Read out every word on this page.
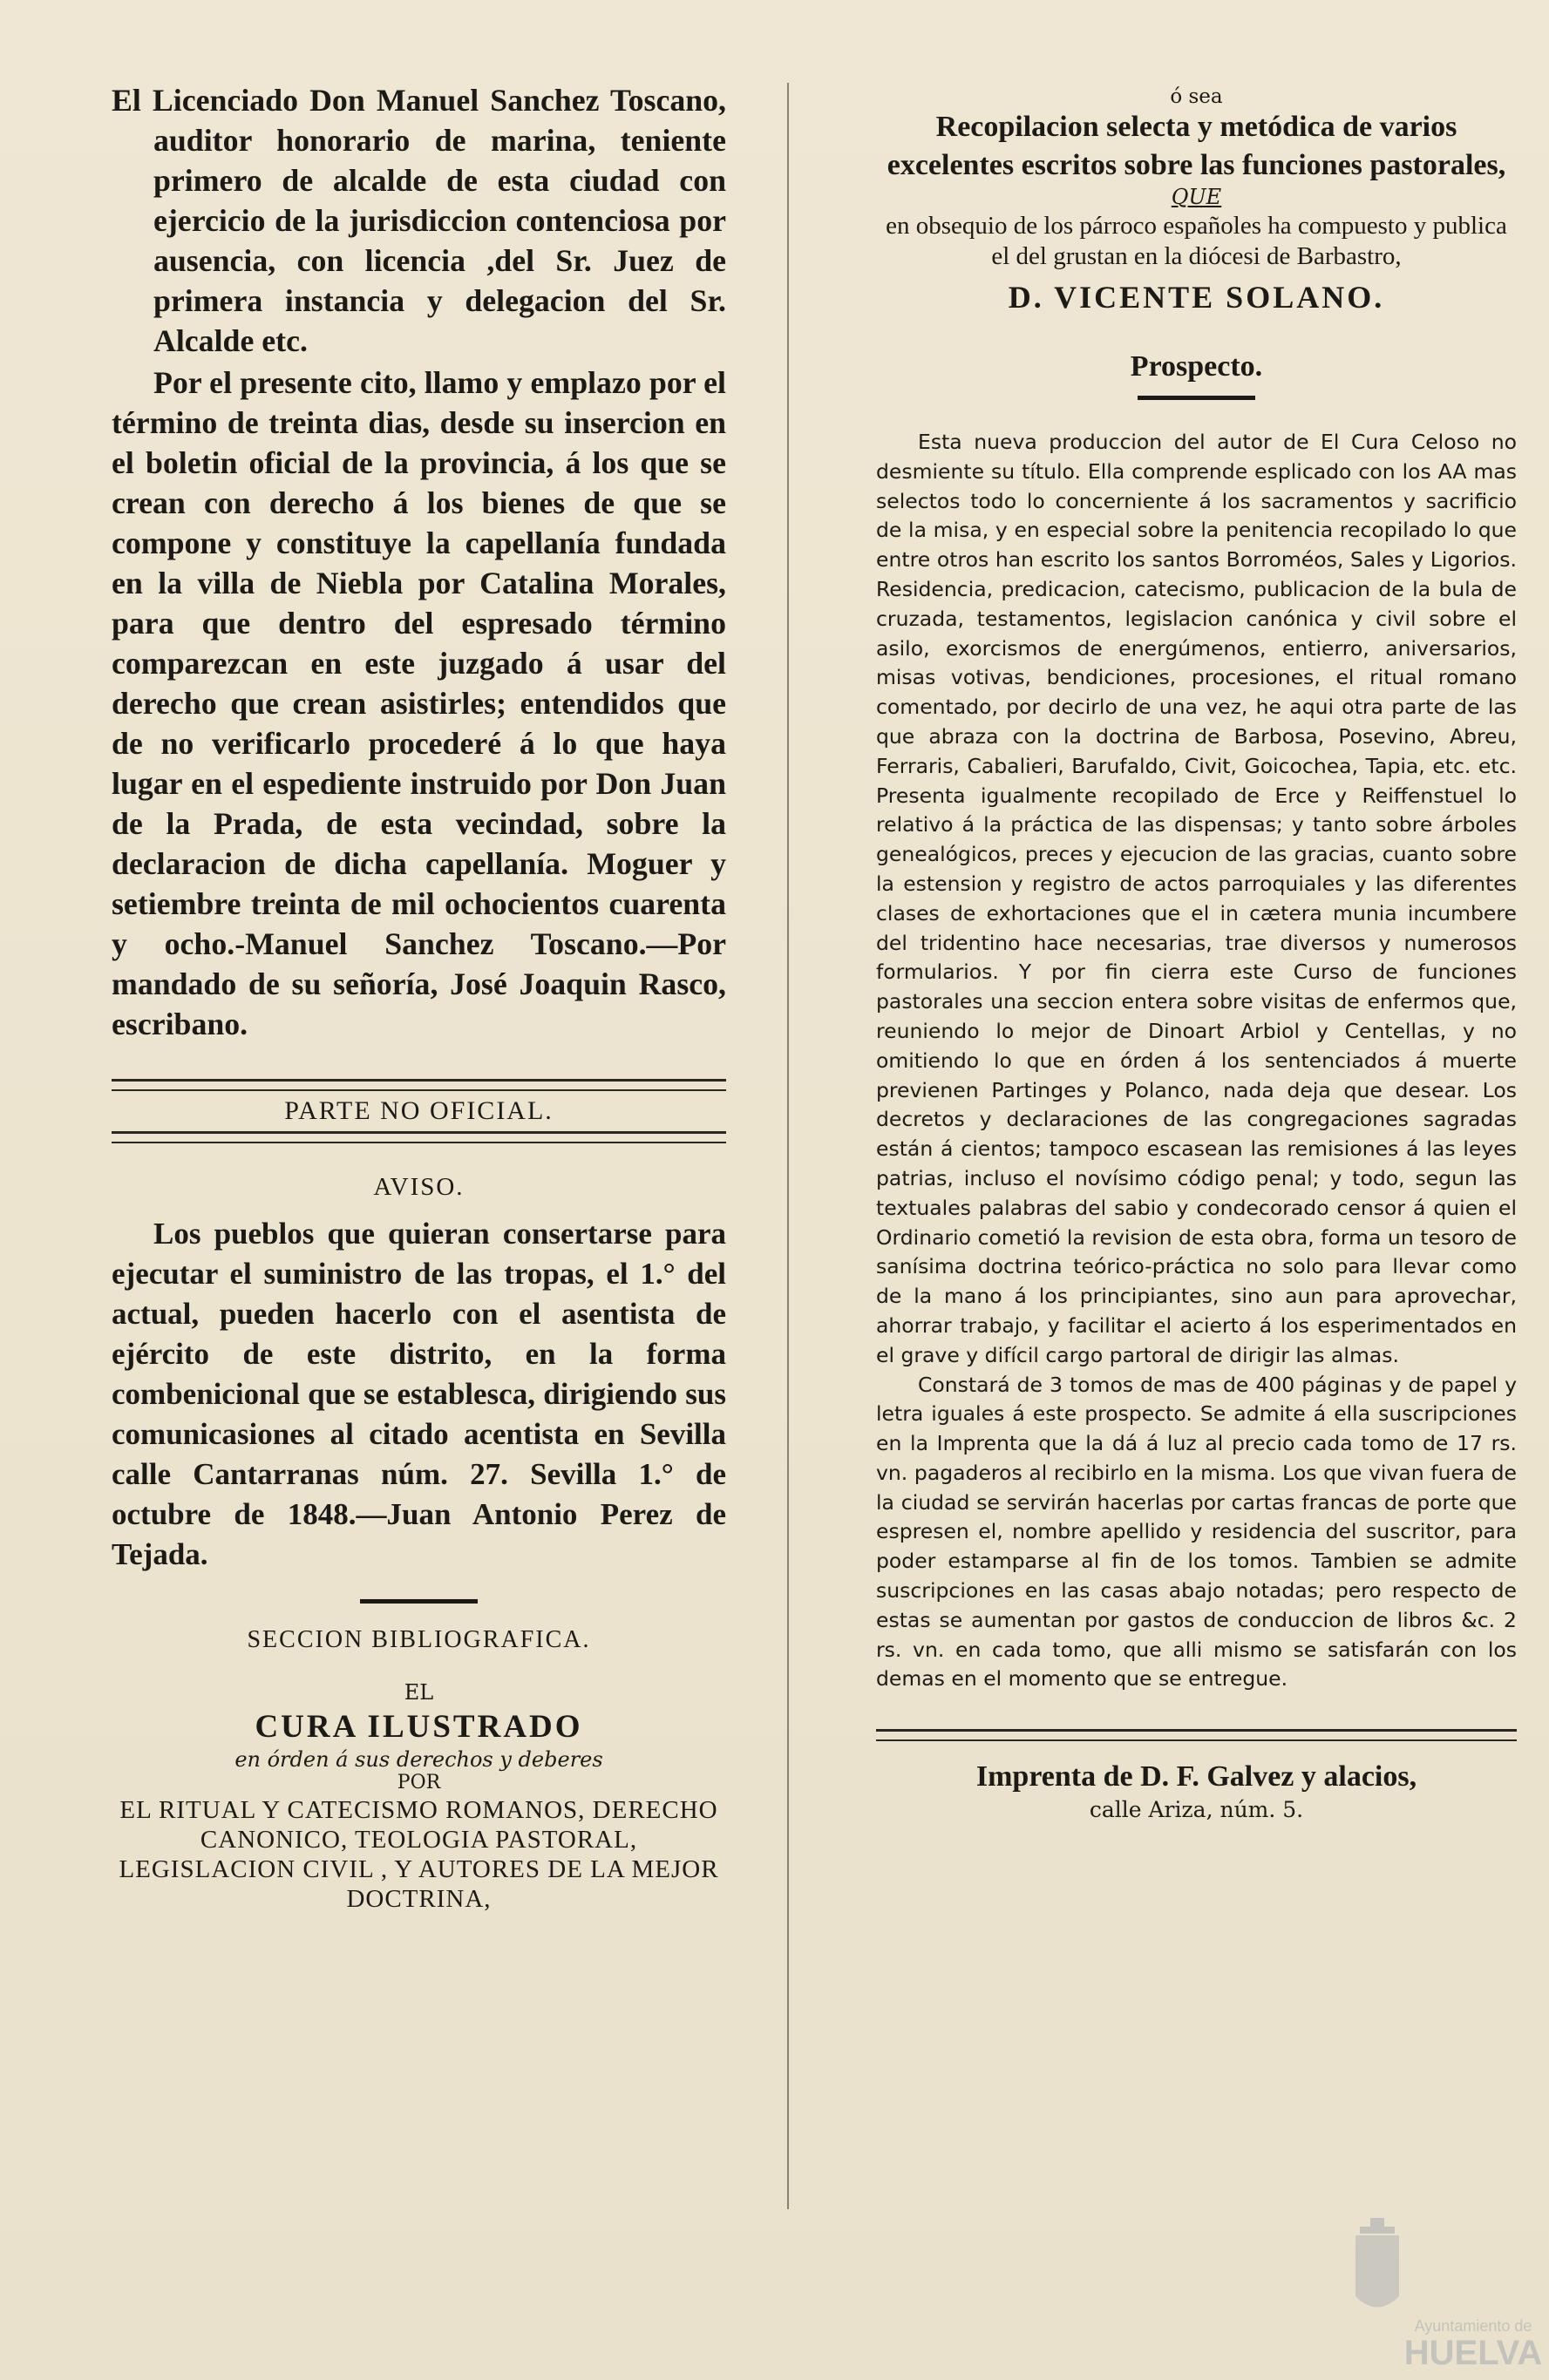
El Licenciado Don Manuel Sanchez Toscano, auditor honorario de marina, teniente primero de alcalde de esta ciudad con ejercicio de la jurisdiccion contenciosa por ausencia, con licencia ,del Sr. Juez de primera instancia y delegacion del Sr. Alcalde etc.

Por el presente cito, llamo y emplazo por el término de treinta dias, desde su insercion en el boletin oficial de la provincia, á los que se crean con derecho á los bienes de que se compone y constituye la capellanía fundada en la villa de Niebla por Catalina Morales, para que dentro del espresado término comparezcan en este juzgado á usar del derecho que crean asistirles; entendidos que de no verificarlo procederé á lo que haya lugar en el espediente instruido por Don Juan de la Prada, de esta vecindad, sobre la declaracion de dicha capellanía. Moguer y setiembre treinta de mil ochocientos cuarenta y ocho.-Manuel Sanchez Toscano.—Por mandado de su señoría, José Joaquin Rasco, escribano.

PARTE NO OFICIAL.

AVISO.

Los pueblos que quieran consertarse para ejecutar el suministro de las tropas, el 1.° del actual, pueden hacerlo con el asentista de ejército de este distrito, en la forma combenicional que se establesca, dirigiendo sus comunicasiones al citado acentista en Sevilla calle Cantarranas núm. 27. Sevilla 1.° de octubre de 1848.—Juan Antonio Perez de Tejada.

SECCION BIBLIOGRAFICA.

EL

CURA ILUSTRADO

en órden á sus derechos y deberes

POR

EL RITUAL Y CATECISMO ROMANOS, DERECHO CANONICO, TEOLOGIA PASTORAL, LEGISLACION CIVIL , Y AUTORES DE LA MEJOR DOCTRINA,

ó sea

Recopilacion selecta y metódica de varios excelentes escritos sobre las funciones pastorales,

QUE

en obsequio de los párroco españoles ha compuesto y publica el del grustan en la diócesi de Barbastro,

D. VICENTE SOLANO.

Prospecto.

Esta nueva produccion del autor de El Cura Celoso no desmiente su título. Ella comprende esplicado con los AA mas selectos todo lo concerniente á los sacramentos y sacrificio de la misa, y en especial sobre la penitencia recopilado lo que entre otros han escrito los santos Borroméos, Sales y Ligorios. Residencia, predicacion, catecismo, publicacion de la bula de cruzada, testamentos, legislacion canónica y civil sobre el asilo, exorcismos de energúmenos, entierro, aniversarios, misas votivas, bendiciones, procesiones, el ritual romano comentado, por decirlo de una vez, he aqui otra parte de las que abraza con la doctrina de Barbosa, Posevino, Abreu, Ferraris, Cabalieri, Barufaldo, Civit, Goicochea, Tapia, etc. etc. Presenta igualmente recopilado de Erce y Reiffenstuel lo relativo á la práctica de las dispensas; y tanto sobre árboles genealógicos, preces y ejecucion de las gracias, cuanto sobre la estension y registro de actos parroquiales y las diferentes clases de exhortaciones que el in cætera munia incumbere del tridentino hace necesarias, trae diversos y numerosos formularios. Y por fin cierra este Curso de funciones pastorales una seccion entera sobre visitas de enfermos que, reuniendo lo mejor de Dinoart Arbiol y Centellas, y no omitiendo lo que en órden á los sentenciados á muerte previenen Partinges y Polanco, nada deja que desear. Los decretos y declaraciones de las congregaciones sagradas están á cientos; tampoco escasean las remisiones á las leyes patrias, incluso el novísimo código penal; y todo, segun las textuales palabras del sabio y condecorado censor á quien el Ordinario cometió la revision de esta obra, forma un tesoro de sanísima doctrina teórico-práctica no solo para llevar como de la mano á los principiantes, sino aun para aprovechar, ahorrar trabajo, y facilitar el acierto á los esperimentados en el grave y difícil cargo partoral de dirigir las almas.

Constará de 3 tomos de mas de 400 páginas y de papel y letra iguales á este prospecto. Se admite á ella suscripciones en la Imprenta que la dá á luz al precio cada tomo de 17 rs. vn. pagaderos al recibirlo en la misma. Los que vivan fuera de la ciudad se servirán hacerlas por cartas francas de porte que espresen el, nombre apellido y residencia del suscritor, para poder estamparse al fin de los tomos. Tambien se admite suscripciones en las casas abajo notadas; pero respecto de estas se aumentan por gastos de conduccion de libros &c. 2 rs. vn. en cada tomo, que alli mismo se satisfarán con los demas en el momento que se entregue.

Imprenta de D. F. Galvez y alacios,

calle Ariza, núm. 5.

Ayuntamiento de
HUELVA
